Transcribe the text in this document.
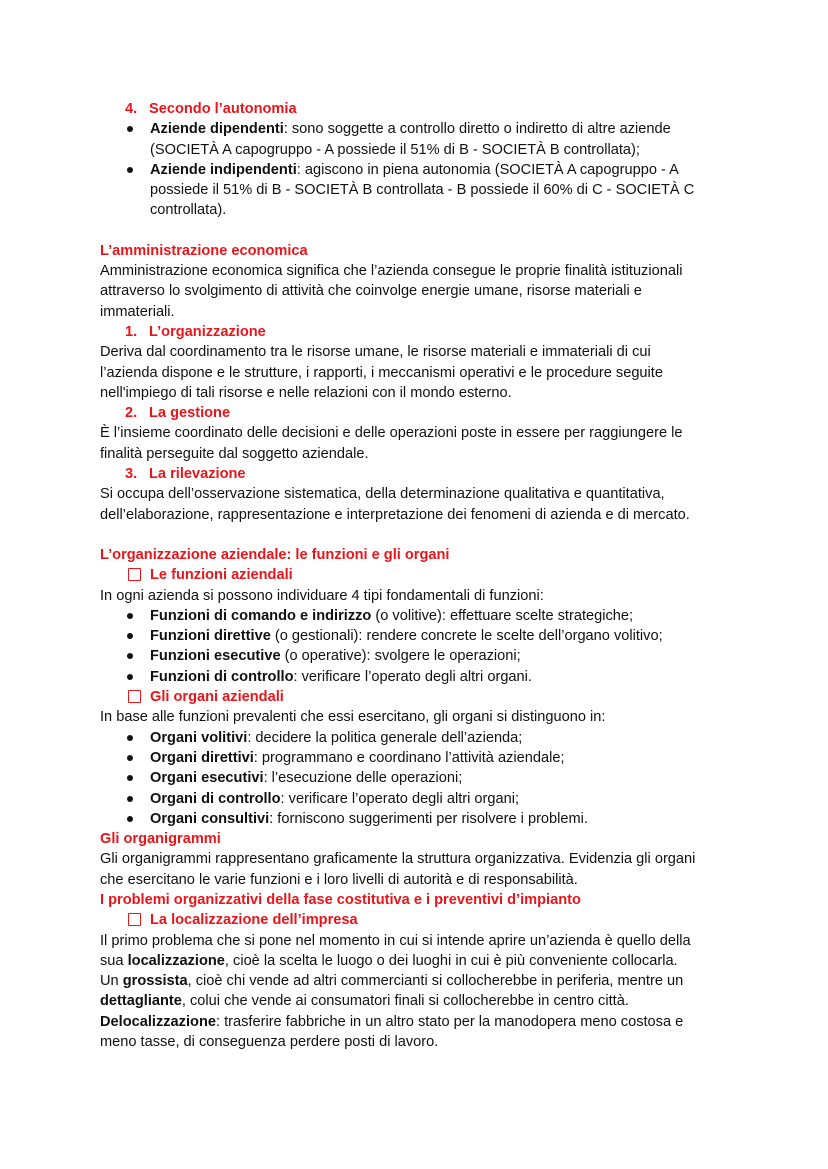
4. Secondo l’autonomia

Aziende dipendenti: sono soggette a controllo diretto o indiretto di altre aziende

(SOCIETÀ A capogruppo - A possiede il 51% di B - SOCIETÀ B controllata);

Aziende indipendenti: agiscono in piena autonomia (SOCIETÀ A capogruppo - A

possiede il 51% di B - SOCIETÀ B controllata - B possiede il 60% di C - SOCIETÀ C

controllata).

L’amministrazione economica

Amministrazione economica significa che l’azienda consegue le proprie finalità istituzionali

attraverso lo svolgimento di attività che coinvolge energie umane, risorse materiali e

immateriali.

1. L’organizzazione

Deriva dal coordinamento tra le risorse umane, le risorse materiali e immateriali di cui

l’azienda dispone e le strutture, i rapporti, i meccanismi operativi e le procedure seguite

nell'impiego di tali risorse e nelle relazioni con il mondo esterno.

2. La gestione

È l’insieme coordinato delle decisioni e delle operazioni poste in essere per raggiungere le

finalità perseguite dal soggetto aziendale.

3. La rilevazione

Si occupa dell’osservazione sistematica, della determinazione qualitativa e quantitativa,

dell’elaborazione, rappresentazione e interpretazione dei fenomeni di azienda e di mercato.

L’organizzazione aziendale: le funzioni e gli organi

Le funzioni aziendali

In ogni azienda si possono individuare 4 tipi fondamentali di funzioni:

Funzioni di comando e indirizzo (o volitive): effettuare scelte strategiche;

Funzioni direttive (o gestionali): rendere concrete le scelte dell’organo volitivo;

Funzioni esecutive (o operative): svolgere le operazioni;

Funzioni di controllo: verificare l’operato degli altri organi.

Gli organi aziendali

In base alle funzioni prevalenti che essi esercitano, gli organi si distinguono in:

Organi volitivi: decidere la politica generale dell’azienda;

Organi direttivi: programmano e coordinano l’attività aziendale;

Organi esecutivi: l’esecuzione delle operazioni;

Organi di controllo: verificare l’operato degli altri organi;

Organi consultivi: forniscono suggerimenti per risolvere i problemi.

Gli organigrammi

Gli organigrammi rappresentano graficamente la struttura organizzativa. Evidenzia gli organi

che esercitano le varie funzioni e i loro livelli di autorità e di responsabilità.

I problemi organizzativi della fase costitutiva e i preventivi d’impianto

La localizzazione dell’impresa

Il primo problema che si pone nel momento in cui si intende aprire un’azienda è quello della

sua localizzazione, cioè la scelta le luogo o dei luoghi in cui è più conveniente collocarla.

Un grossista, cioè chi vende ad altri commercianti si collocherebbe in periferia, mentre un

dettagliante, colui che vende ai consumatori finali si collocherebbe in centro città.

Delocalizzazione: trasferire fabbriche in un altro stato per la manodopera meno costosa e

meno tasse, di conseguenza perdere posti di lavoro.
